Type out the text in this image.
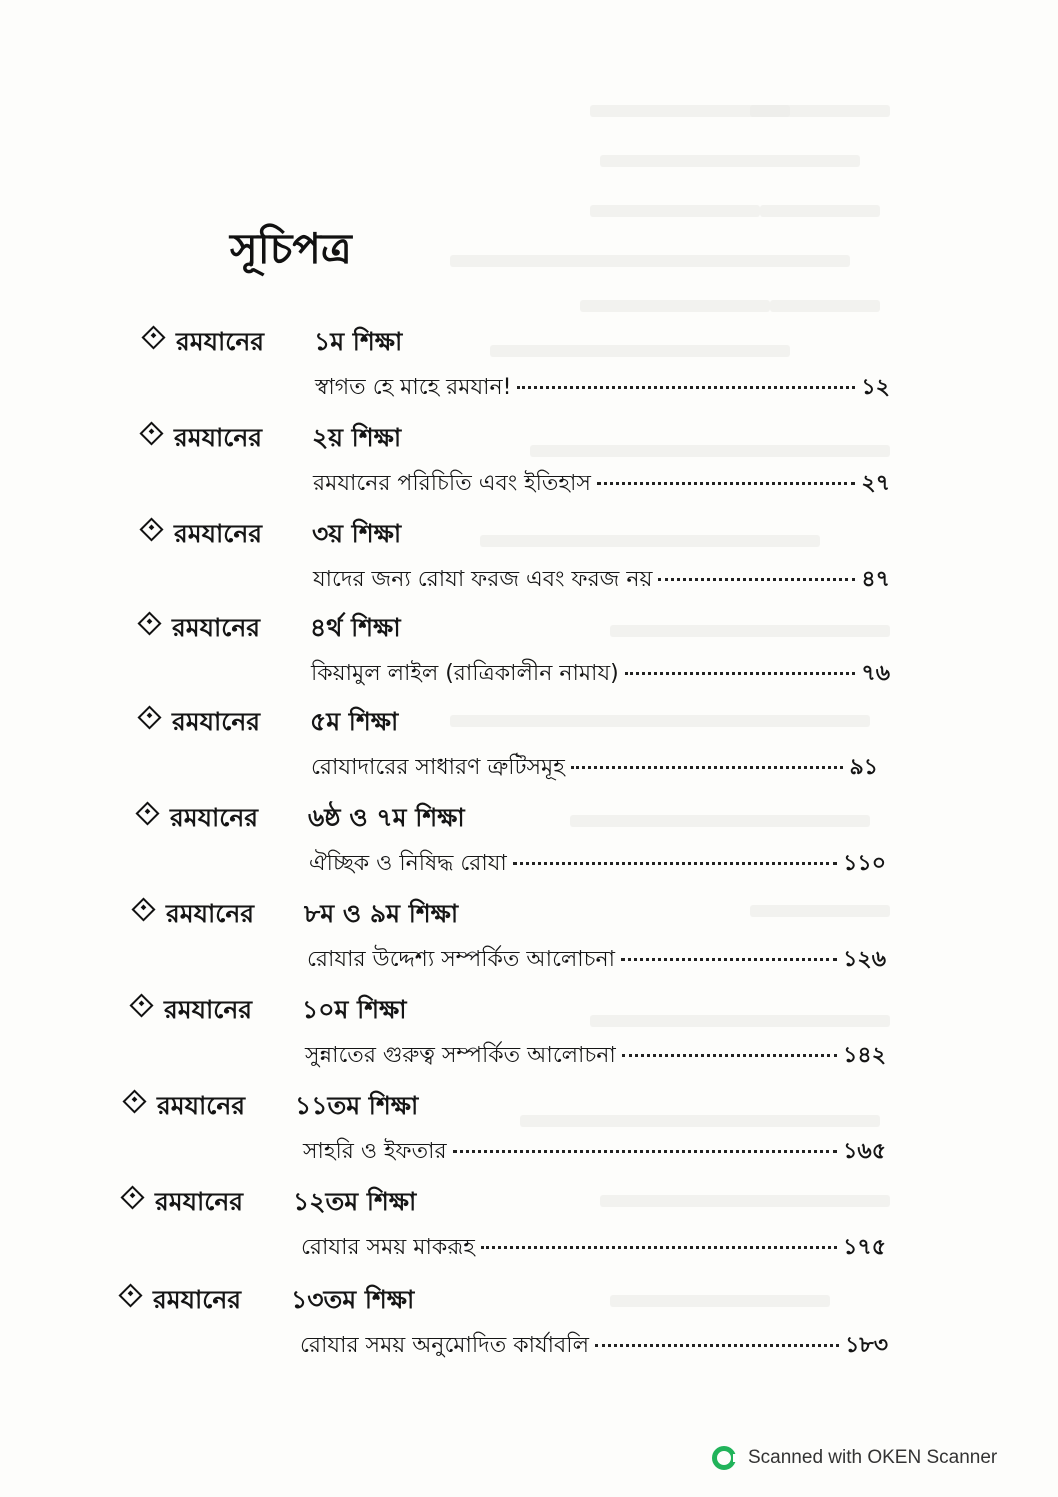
সূচিপত্র
রমযানের	১ম শিক্ষা
স্বাগত হে মাহে রমযান!	১২
রমযানের	২য় শিক্ষা
রমযানের পরিচিতি এবং ইতিহাস	২৭
রমযানের	৩য় শিক্ষা
যাদের জন্য রোযা ফরজ এবং ফরজ নয়	৪৭
রমযানের	৪র্থ শিক্ষা
কিয়ামুল লাইল (রাত্রিকালীন নামায)	৭৬
রমযানের	৫ম শিক্ষা
রোযাদারের সাধারণ ত্রুটিসমূহ	৯১
রমযানের	৬ষ্ঠ ও ৭ম শিক্ষা
ঐচ্ছিক ও নিষিদ্ধ রোযা	১১০
রমযানের	৮ম ও ৯ম শিক্ষা
রোযার উদ্দেশ্য সম্পর্কিত আলোচনা	১২৬
রমযানের	১০ম শিক্ষা
সুন্নাতের গুরুত্ব সম্পর্কিত আলোচনা	১৪২
রমযানের	১১তম শিক্ষা
সাহরি ও ইফতার	১৬৫
রমযানের	১২তম শিক্ষা
রোযার সময় মাকরূহ	১৭৫
রমযানের	১৩তম শিক্ষা
রোযার সময় অনুমোদিত কার্যাবলি	১৮৩
Scanned with OKEN Scanner
